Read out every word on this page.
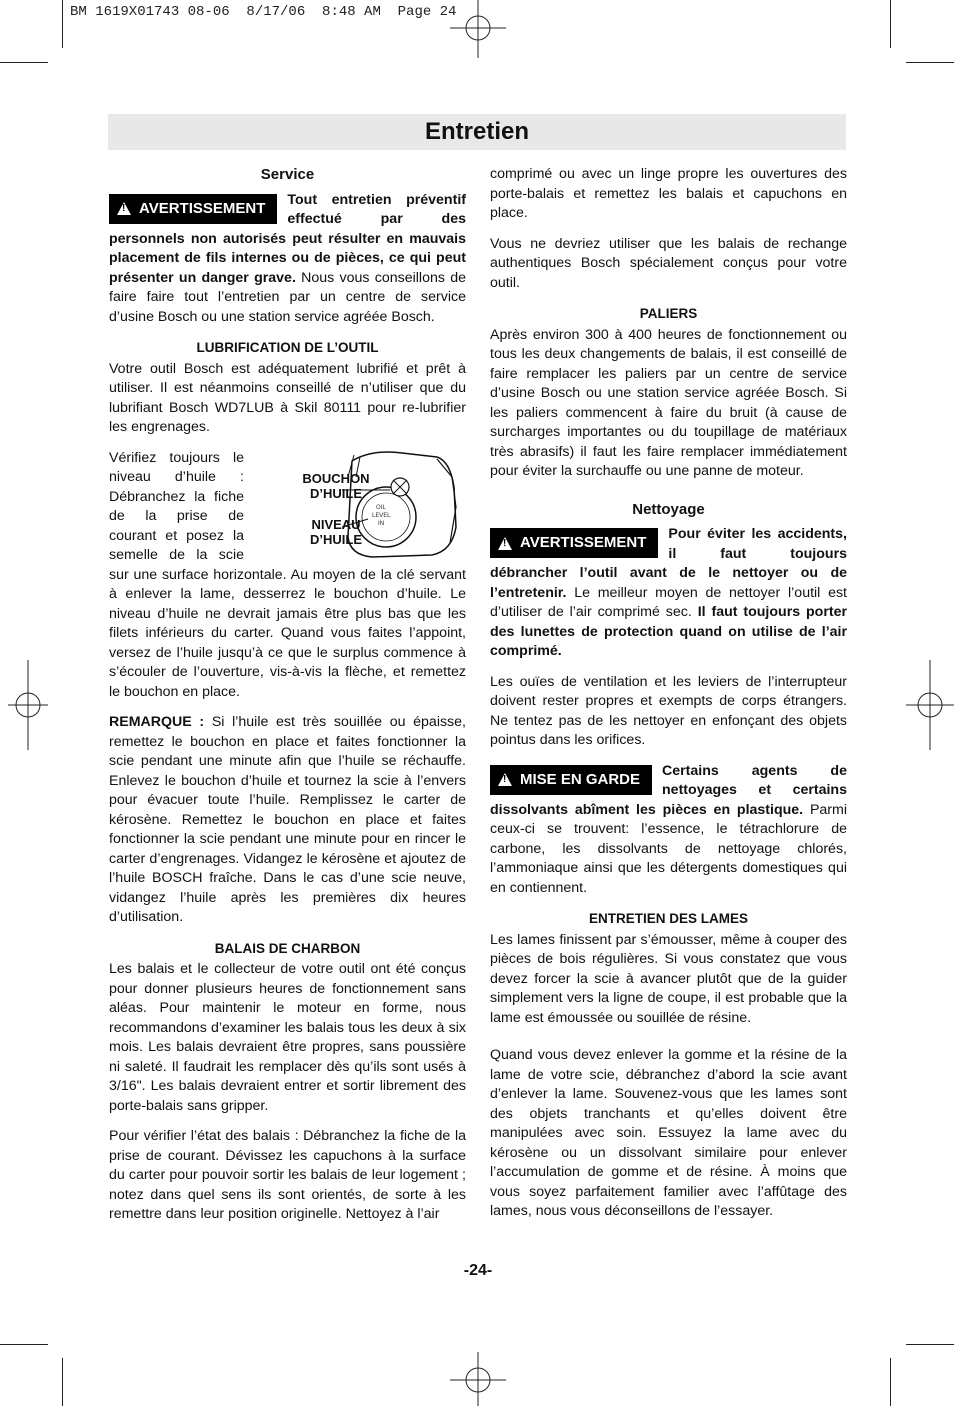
BM 1619X01743 08-06  8/17/06  8:48 AM  Page 24
Entretien
Service

!
AVERTISSEMENT Tout entretien préventif effectué par des personnels non autorisés peut résulter en mauvais placement de fils internes ou de pièces, ce qui peut présenter un danger grave. Nous vous conseillons de faire faire tout l’entretien par un centre de service d’usine Bosch ou une station service agréée Bosch.

LUBRIFICATION DE L’OUTIL

Votre outil Bosch est adéquatement lubrifié et prêt à utiliser. Il est néanmoins conseillé de n’utiliser que du lubrifiant Bosch WD7LUB à Skil 80111 pour re-lubrifier les engrenages.

OIL
LEVEL
IN
BOUCHON D’HUILE
NIVEAU D’HUILE
Vérifiez toujours le niveau d’huile : Débranchez la fiche de la prise de courant et posez la semelle de la scie sur une surface horizontale. Au moyen de la clé servant à enlever la lame, desserrez le bouchon d’huile. Le niveau d’huile ne devrait jamais être plus bas que les filets inférieurs du carter. Quand vous faites l’appoint, versez de l’huile jusqu’à ce que le surplus commence à s’écouler de l’ouverture, vis-à-vis la flèche, et remettez le bouchon en place.

REMARQUE : Si l’huile est très souillée ou épaisse, remettez le bouchon en place et faites fonctionner la scie pendant une minute afin que l’huile se réchauffe. Enlevez le bouchon d’huile et tournez la scie à l’envers pour évacuer toute l’huile. Remplissez le carter de kérosène. Remettez le bouchon en place et faites fonctionner la scie pendant une minute pour en rincer le carter d’engrenages. Vidangez le kérosène et ajoutez de l’huile BOSCH fraîche. Dans le cas d’une scie neuve, vidangez l’huile après les premières dix heures d’utilisation.

BALAIS DE CHARBON

Les balais et le collecteur de votre outil ont été conçus pour donner plusieurs heures de fonctionnement sans aléas. Pour maintenir le moteur en forme, nous recommandons d’examiner les balais tous les deux à six mois. Les balais devraient être propres, sans poussière ni saleté. Il faudrait les remplacer dès qu’ils sont usés à 3/16". Les balais devraient entrer et sortir librement des porte-balais sans gripper.

Pour vérifier l’état des balais : Débranchez la fiche de la prise de courant. Dévissez les capuchons à la surface du carter pour pouvoir sortir les balais de leur logement ; notez dans quel sens ils sont orientés, de sorte à les remettre dans leur position originelle. Nettoyez à l’air

comprimé ou avec un linge propre les ouvertures des porte-balais et remettez les balais et capuchons en place.

Vous ne devriez utiliser que les balais de rechange authentiques Bosch spécialement conçus pour votre outil.

PALIERS

Après environ 300 à 400 heures de fonctionnement ou tous les deux changements de balais, il est conseillé de faire remplacer les paliers par un centre de service d’usine Bosch ou une station service agréée Bosch. Si les paliers commencent à faire du bruit (à cause de surcharges importantes ou du toupillage de matériaux très abrasifs) il faut les faire remplacer immédiatement pour éviter la surchauffe ou une panne de moteur.

Nettoyage

!
AVERTISSEMENT Pour éviter les accidents, il faut toujours débrancher l’outil avant de le nettoyer ou de l’entretenir. Le meilleur moyen de nettoyer l’outil est d’utiliser de l’air comprimé sec. Il faut toujours porter des lunettes de protection quand on utilise de l’air comprimé.

Les ouïes de ventilation et les leviers de l’interrupteur doivent rester propres et exempts de corps étrangers. Ne tentez pas de les nettoyer en enfonçant des objets pointus dans les orifices.

!
MISE EN GARDE Certains agents de nettoyages et certains dissolvants abîment les pièces en plastique. Parmi ceux-ci se trouvent: l’essence, le tétrachlorure de carbone, les dissolvants de nettoyage chlorés, l’ammoniaque ainsi que les détergents domestiques qui en contiennent.

ENTRETIEN DES LAMES

Les lames finissent par s’émousser, même à couper des pièces de bois régulières. Si vous constatez que vous devez forcer la scie à avancer plutôt que de la guider simplement vers la ligne de coupe, il est probable que la lame est émoussée ou souillée de résine.

Quand vous devez enlever la gomme et la résine de la lame de votre scie, débranchez d’abord la scie avant d’enlever la lame. Souvenez-vous que les lames sont des objets tranchants et qu’elles doivent être manipulées avec soin. Essuyez la lame avec du kérosène ou un dissolvant similaire pour enlever l’accumulation de gomme et de résine. À moins que vous soyez parfaitement familier avec l’affûtage des lames, nous vous déconseillons de l’essayer.

-24-
